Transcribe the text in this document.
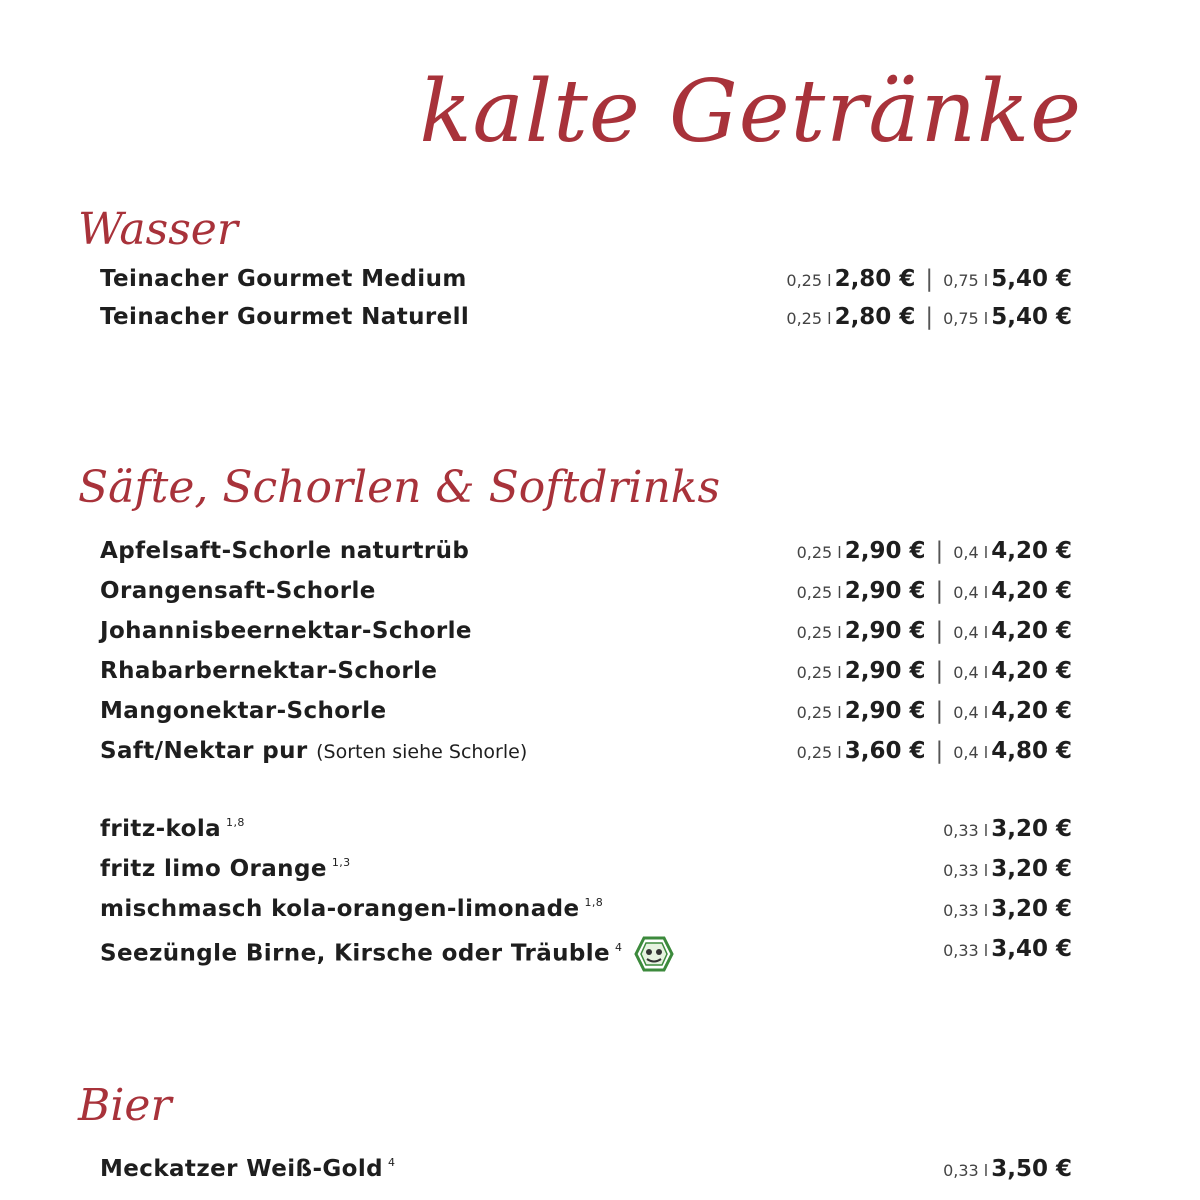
kalte Getränke
Wasser
Teinacher Gourmet Medium	0,25 l 2,80 € | 0,75 l 5,40 €
Teinacher Gourmet Naturell	0,25 l 2,80 € | 0,75 l 5,40 €
Säfte, Schorlen & Softdrinks
Apfelsaft-Schorle naturtrüb	0,25 l 2,90 € | 0,4 l 4,20 €
Orangensaft-Schorle	0,25 l 2,90 € | 0,4 l 4,20 €
Johannisbeernektar-Schorle	0,25 l 2,90 € | 0,4 l 4,20 €
Rhabarbernektar-Schorle	0,25 l 2,90 € | 0,4 l 4,20 €
Mangonektar-Schorle	0,25 l 2,90 € | 0,4 l 4,20 €
Saft/Nektar pur (Sorten siehe Schorle)	0,25 l 3,60 € | 0,4 l 4,80 €
fritz-kola $^{1,8}$	0,33 l 3,20 €
fritz limo Orange $^{1,3}$	0,33 l 3,20 €
mischmasch kola-orangen-limonade $^{1,8}$	0,33 l 3,20 €
Seezüngle Birne, Kirsche oder Träuble $^4$	0,33 l 3,40 €
Bier
Meckatzer Weiß-Gold $^4$	0,33 l 3,50 €
